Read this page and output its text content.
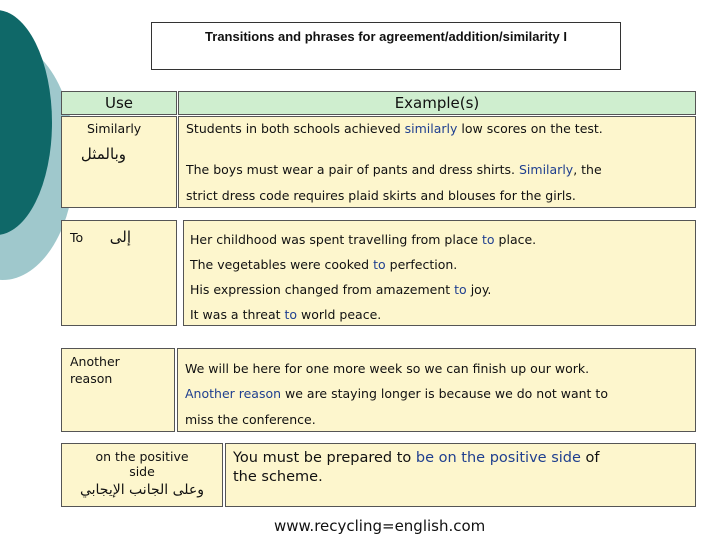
Transitions and phrases for agreement/addition/similarity I
Use	Example(s)
Similarly
وبالمثل
Students in both schools achieved similarly low scores on the test.
The boys must wear a pair of pants and dress shirts. Similarly, the
strict dress code requires plaid skirts and blouses for the girls.
To إلى	Her childhood was spent travelling from place to place.
The vegetables were cooked to perfection.
His expression changed from amazement to joy.
It was a threat to world peace.
Another
reason
We will be here for one more week so we can finish up our work.
Another reason we are staying longer is because we do not want to
miss the conference.
on the positive
side
وعلى الجانب الإيجابي
You must be prepared to be on the positive side of
the scheme.
www.recycling=english.com
